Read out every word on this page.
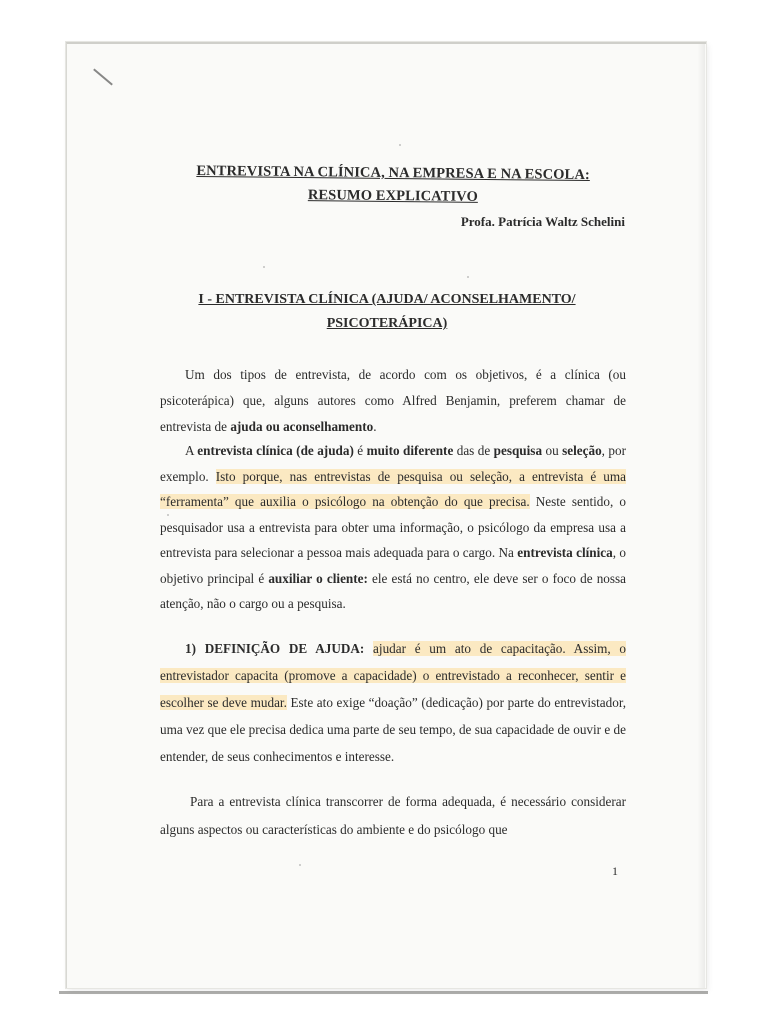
ENTREVISTA NA CLÍNICA, NA EMPRESA E NA ESCOLA: RESUMO EXPLICATIVO
Profa. Patrícia Waltz Schelini
I - ENTREVISTA CLÍNICA (AJUDA/ ACONSELHAMENTO/ PSICOTERÁPICA)

Um dos tipos de entrevista, de acordo com os objetivos, é a clínica (ou psicoterápica) que, alguns autores como Alfred Benjamin, preferem chamar de entrevista de ajuda ou aconselhamento.

A entrevista clínica (de ajuda) é muito diferente das de pesquisa ou seleção, por exemplo. Isto porque, nas entrevistas de pesquisa ou seleção, a entrevista é uma “ferramenta” que auxilia o psicólogo na obtenção do que precisa. Neste sentido, o pesquisador usa a entrevista para obter uma informação, o psicólogo da empresa usa a entrevista para selecionar a pessoa mais adequada para o cargo. Na entrevista clínica, o objetivo principal é auxiliar o cliente: ele está no centro, ele deve ser o foco de nossa atenção, não o cargo ou a pesquisa.

1) DEFINIÇÃO DE AJUDA: ajudar é um ato de capacitação. Assim, o entrevistador capacita (promove a capacidade) o entrevistado a reconhecer, sentir e escolher se deve mudar. Este ato exige “doação” (dedicação) por parte do entrevistador, uma vez que ele precisa dedica uma parte de seu tempo, de sua capacidade de ouvir e de entender, de seus conhecimentos e interesse.

Para a entrevista clínica transcorrer de forma adequada, é necessário considerar alguns aspectos ou características do ambiente e do psicólogo que

1
